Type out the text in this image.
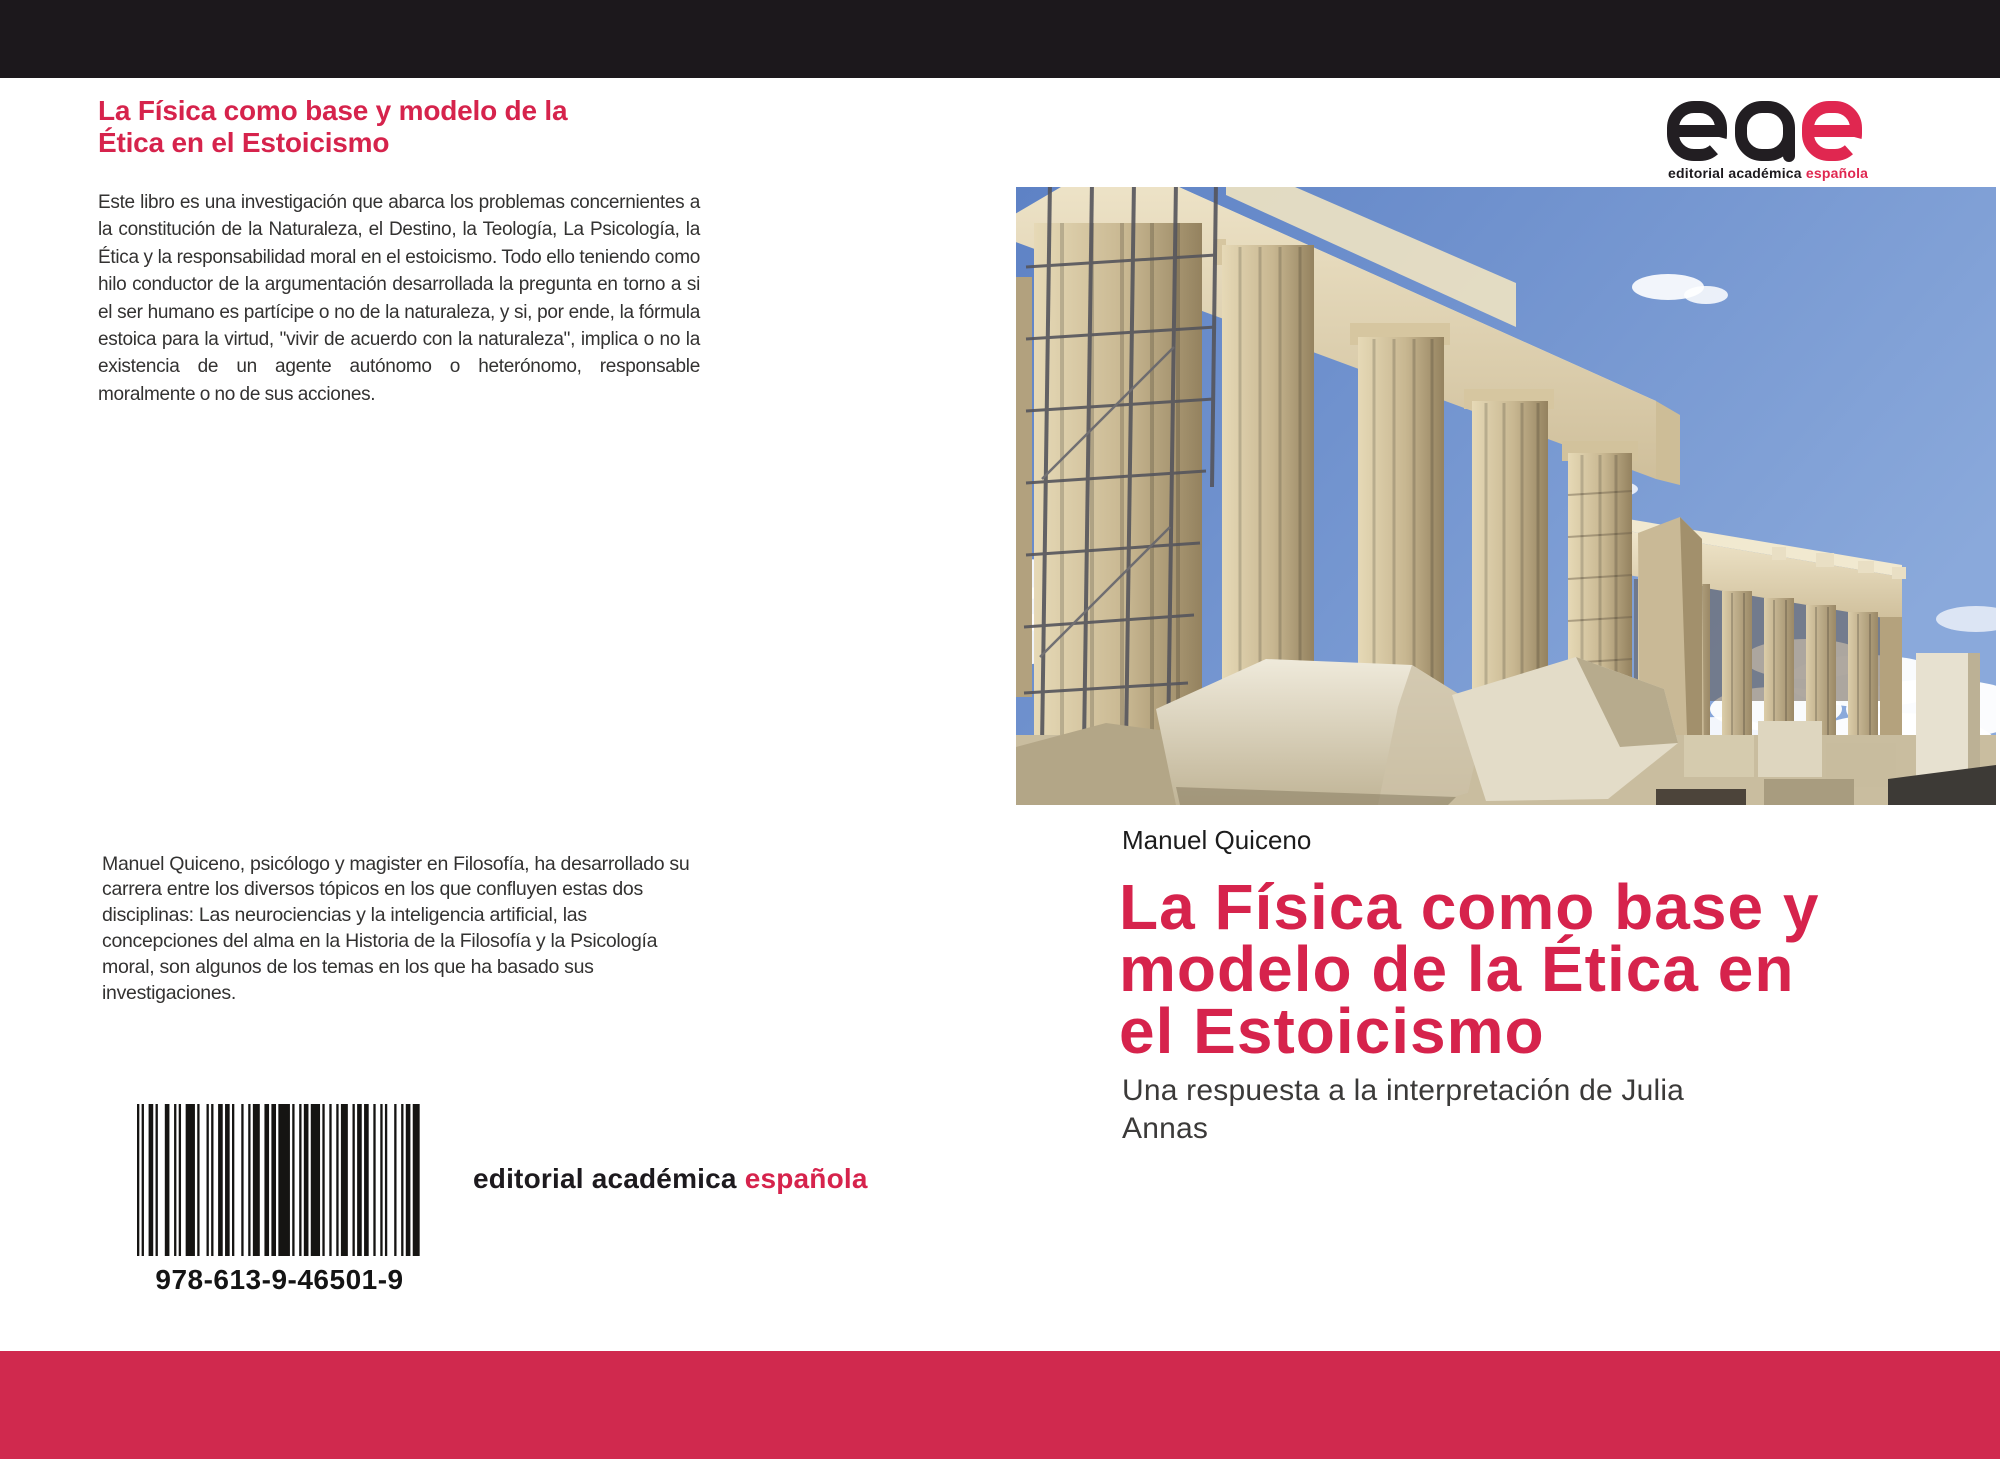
La Física como base y modelo de la
Ética en el Estoicismo

Este libro es una investigación que abarca los problemas concernientes a la constitución de la Naturaleza, el Destino, la Teología, La Psicología, la Ética y la responsabilidad moral en el estoicismo. Todo ello teniendo como hilo conductor de la argumentación desarrollada la pregunta en torno a si el ser humano es partícipe o no de la naturaleza, y si, por ende, la fórmula estoica para la virtud, "vivir de acuerdo con la naturaleza", implica o no la existencia de un agente autónomo o heterónomo, responsable moralmente o no de sus acciones.

Manuel Quiceno, psicólogo y magister en Filosofía, ha desarrollado su carrera entre los diversos tópicos en los que confluyen estas dos disciplinas: Las neurociencias y la inteligencia artificial, las concepciones del alma en la Historia de la Filosofía y la Psicología moral, son algunos de los temas en los que ha basado sus investigaciones.

978-613-9-46501-9
editorial académica española
editorial académica española
Manuel Quiceno
La Física como base y
modelo de la Ética en
el Estoicismo
Una respuesta a la interpretación de Julia
Annas
